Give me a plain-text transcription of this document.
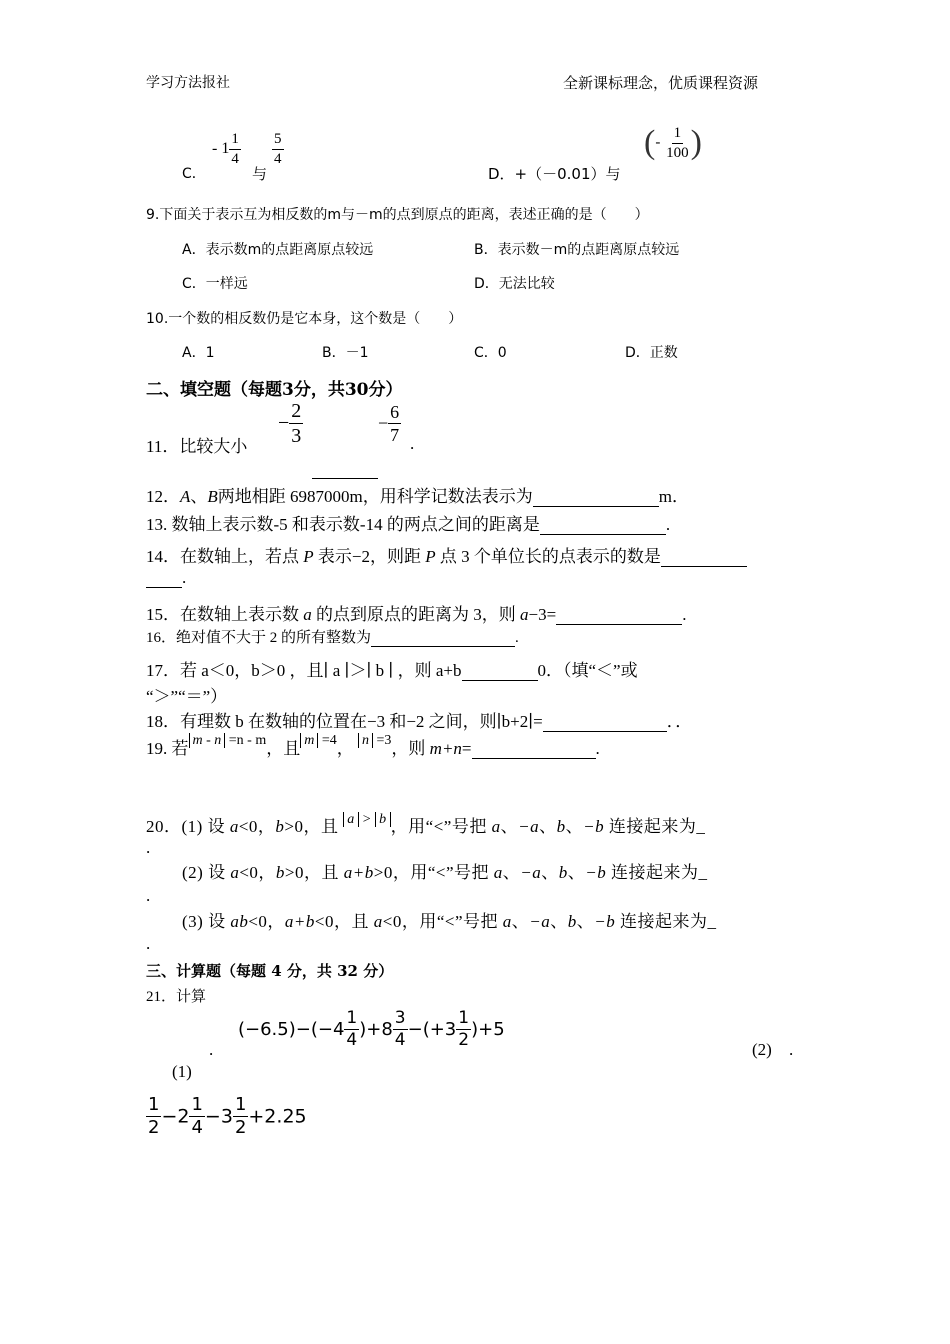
学习方法报社	全新课标理念，优质课程资源
C．
- $1 \frac{1}{4}$
与
$\frac{5}{4}$
D．+（－0.01）与
(- $\frac{1}{100}$ )
9.下面关于表示互为相反数的m与－m的点到原点的距离，表述正确的是（　　）
A．表示数m的点距离原点较远	B．表示数－m的点距离原点较远
C．一样远	D．无法比较
10.一个数的相反数仍是它本身，这个数是（　　）
A．1	B．－1	C．0	D．正数
二、填空题（每题3分，共30分）
11．比较大小
− $\frac{2}{3}$	− $\frac{6}{7}$ .
12．A、B两地相距 6987000m，用科学记数法表示为	m．
13. 数轴上表示数-5 和表示数-14 的两点之间的距离是	.
14．在数轴上，若点 P 表示−2，则距 P 点 3 个单位长的点表示的数是
.
15．在数轴上表示数 a 的点到原点的距离为 3，则 a−3=	.
16．绝对值不大于 2 的所有整数为	.
17．若 a＜0，b＞0 ，且∣ a ∣＞∣ b ∣ ，则 a+b	0．（填“＜”或
“＞”“＝”）
18．有理数 b 在数轴的位置在−3 和−2 之间，则∣b+2∣=	．．
19. 若 $^{m - n =n - m}$，且 $^{m =4}$， $^{n =3}$，则 m+n=	.
20．(1) 设 a<0，b>0，且 $^{a > b}$ ，用“<”号把 a、−a、b、−b 连接起来为_
.
(2) 设 a<0，b>0，且 a+b>0，用“<”号把 a、−a、b、−b 连接起来为_
.
(3) 设 ab<0，a+b<0，且 a<0，用“<”号把 a、−a、b、−b 连接起来为_
.
三、计算题（每题 4 分，共 32 分）
21．计算
$(-6.5)-(-4 \frac{1}{4} )+8 \frac{3}{4} -(+3 \frac{1}{2} )+5$
.
(1)
(2) .
$\frac{1}{2} -2 \frac{1}{4} -3 \frac{1}{2} +2.25$
